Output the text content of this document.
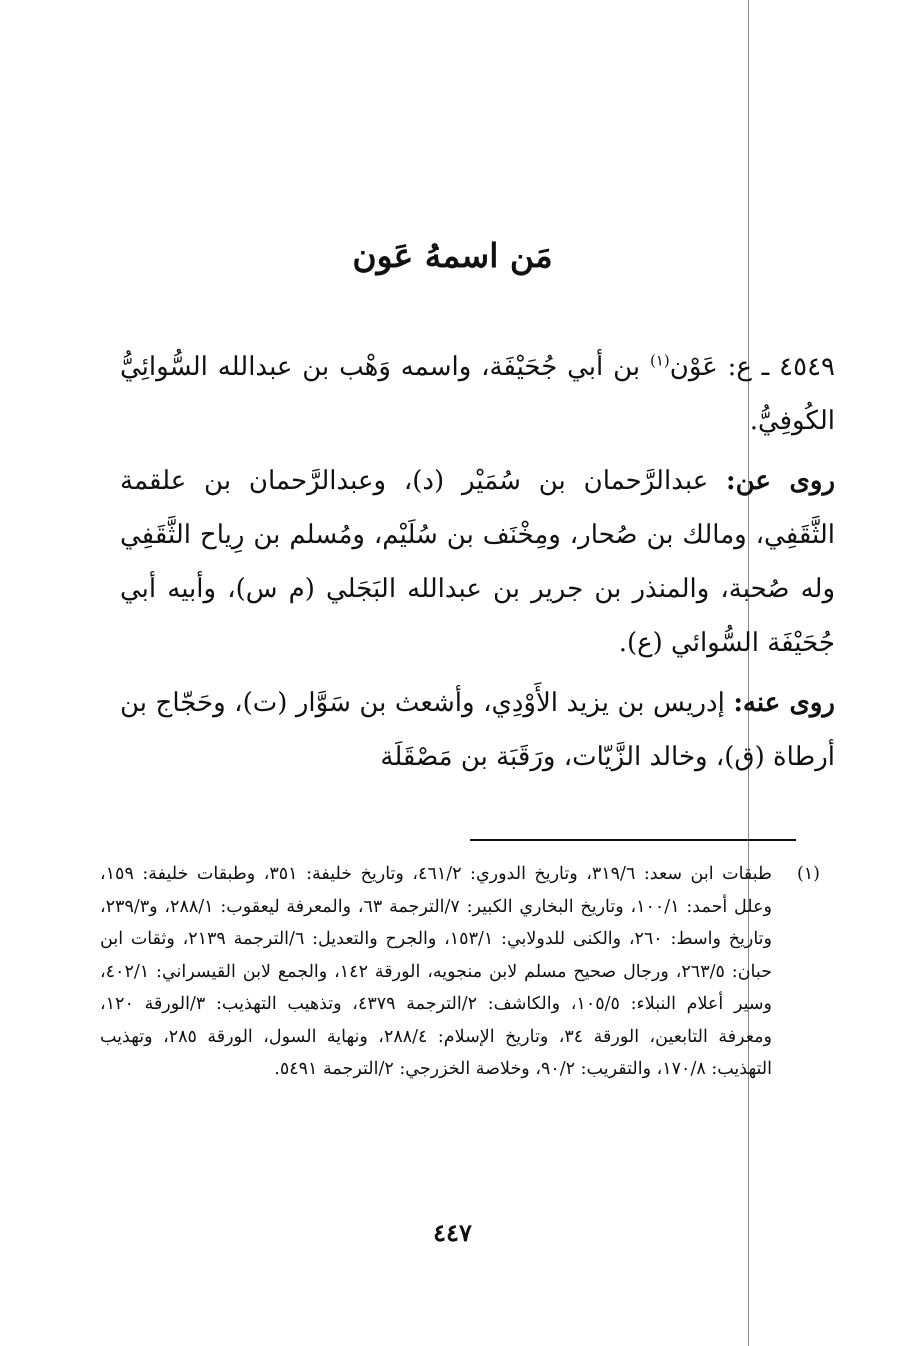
مَن اسمهُ عَون

٤٥٤٩ ـ ع: عَوْن$^{(١)}$ بن أبي جُحَيْفَة، واسمه وَهْب بن عبدالله السُّوائِيُّ الكُوفِيُّ.

روى عن: عبدالرَّحمان بن سُمَيْر (د)، وعبدالرَّحمان بن علقمة الثَّقَفِي، ومالك بن صُحار، ومِخْنَف بن سُلَيْم، ومُسلم بن رِياح الثَّقَفِي وله صُحبة، والمنذر بن جرير بن عبدالله البَجَلي (م س)، وأبيه أبي جُحَيْفَة السُّوائي (ع).

روى عنه: إدريس بن يزيد الأَوْدِي، وأشعث بن سَوَّار (ت)، وحَجّاج بن أرطاة (ق)، وخالد الزَّيّات، ورَقَبَة بن مَصْقَلَة

(١)
طبقات ابن سعد: ٣١٩/٦، وتاريخ الدوري: ٤٦١/٢، وتاريخ خليفة: ٣٥١، وطبقات خليفة: ١٥٩، وعلل أحمد: ١٠٠/١، وتاريخ البخاري الكبير: ٧/الترجمة ٦٣، والمعرفة ليعقوب: ٢٨٨/١، و٢٣٩/٣، وتاريخ واسط: ٢٦٠، والكنى للدولابي: ١٥٣/١، والجرح والتعديل: ٦/الترجمة ٢١٣٩، وثقات ابن حبان: ٢٦٣/٥، ورجال صحيح مسلم لابن منجويه، الورقة ١٤٢، والجمع لابن القيسراني: ٤٠٢/١، وسير أعلام النبلاء: ١٠٥/٥، والكاشف: ٢/الترجمة ٤٣٧٩، وتذهيب التهذيب: ٣/الورقة ١٢٠، ومعرفة التابعين، الورقة ٣٤، وتاريخ الإسلام: ٢٨٨/٤، ونهاية السول، الورقة ٢٨٥، وتهذيب التهذيب: ١٧٠/٨، والتقريب: ٩٠/٢، وخلاصة الخزرجي: ٢/الترجمة ٥٤٩١.
٤٤٧
